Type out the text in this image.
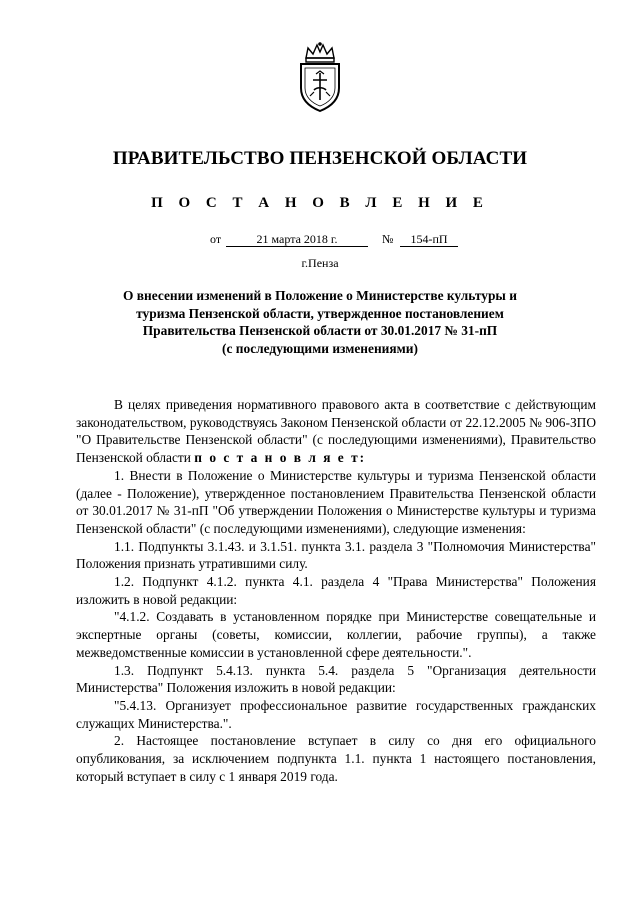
ПРАВИТЕЛЬСТВО ПЕНЗЕНСКОЙ ОБЛАСТИ
П О С Т А Н О В Л Е Н И Е
от	21 марта 2018 г.	№	154-пП
г.Пенза
О внесении изменений в Положение о Министерстве культуры и
туризма Пензенской области, утвержденное постановлением
Правительства Пензенской области от 30.01.2017 № 31-пП
(с последующими изменениями)

В целях приведения нормативного правового акта в соответствие с действующим законодательством, руководствуясь Законом Пензенской области от 22.12.2005 № 906-ЗПО "О Правительстве Пензенской области" (с последующими изменениями), Правительство Пензенской области п о с т а н о в л я е т:

1. Внести в Положение о Министерстве культуры и туризма Пензенской области (далее - Положение), утвержденное постановлением Правительства Пензенской области от 30.01.2017 № 31-пП "Об утверждении Положения о Министерстве культуры и туризма Пензенской области" (с последующими изменениями), следующие изменения:

1.1. Подпункты 3.1.43. и 3.1.51. пункта 3.1. раздела 3 "Полномочия Министерства" Положения признать утратившими силу.

1.2. Подпункт 4.1.2. пункта 4.1. раздела 4 "Права Министерства" Положения изложить в новой редакции:

"4.1.2. Создавать в установленном порядке при Министерстве совещательные и экспертные органы (советы, комиссии, коллегии, рабочие группы), а также межведомственные комиссии в установленной сфере деятельности.".

1.3. Подпункт 5.4.13. пункта 5.4. раздела 5 "Организация деятельности Министерства" Положения изложить в новой редакции:

"5.4.13. Организует профессиональное развитие государственных гражданских служащих Министерства.".

2. Настоящее постановление вступает в силу со дня его официального опубликования, за исключением подпункта 1.1. пункта 1 настоящего постановления, который вступает в силу с 1 января 2019 года.
